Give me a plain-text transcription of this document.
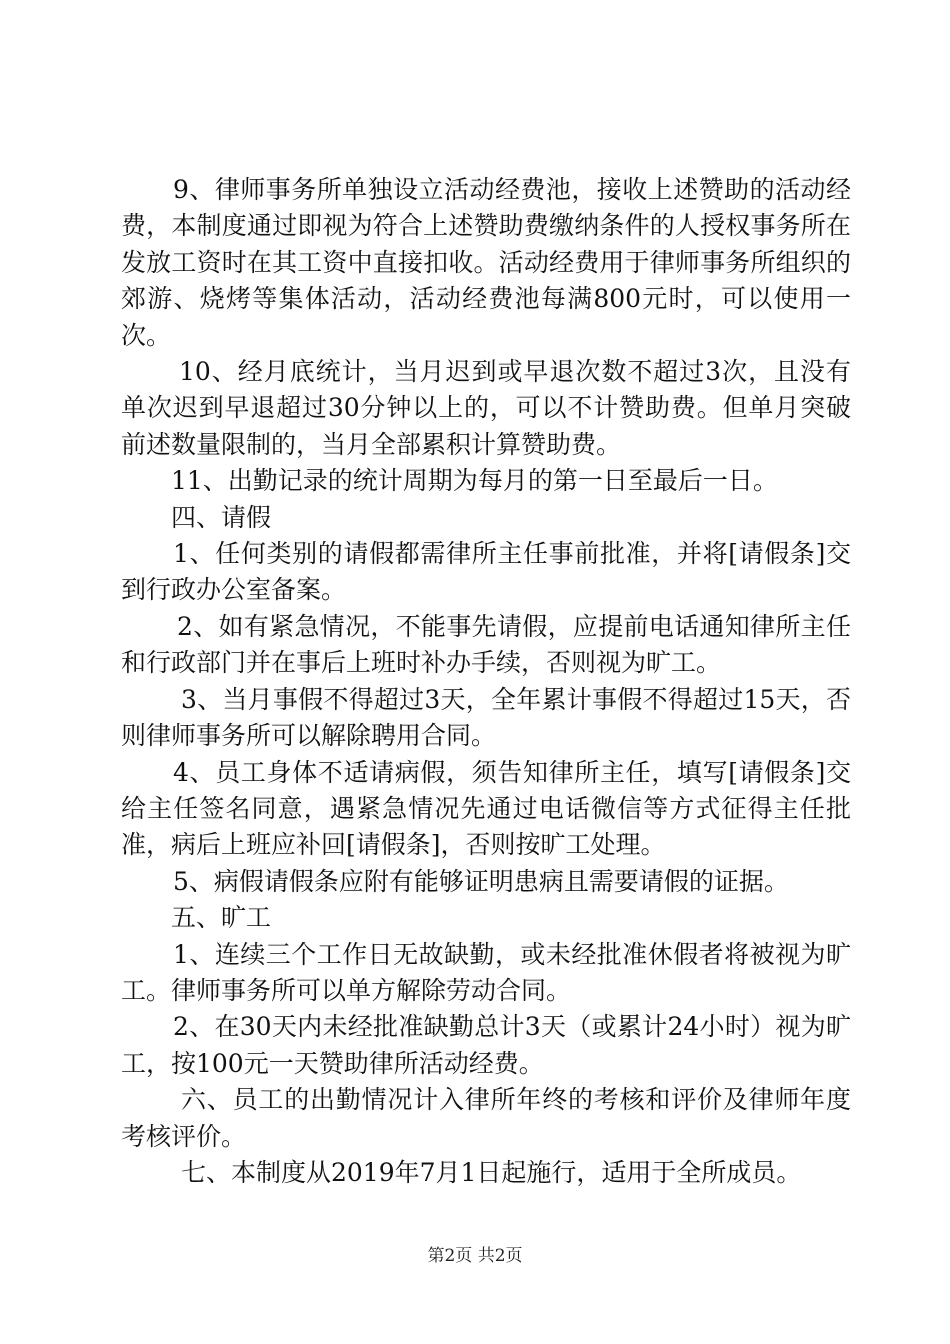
9、律师事务所单独设立活动经费池，接收上述赞助的活动经费，本制度通过即视为符合上述赞助费缴纳条件的人授权事务所在发放工资时在其工资中直接扣收。活动经费用于律师事务所组织的郊游、烧烤等集体活动，活动经费池每满800元时，可以使用一次。

10、经月底统计，当月迟到或早退次数不超过3次，且没有单次迟到早退超过30分钟以上的，可以不计赞助费。但单月突破前述数量限制的，当月全部累积计算赞助费。

11、出勤记录的统计周期为每月的第一日至最后一日。

四、请假

1、任何类别的请假都需律所主任事前批准，并将[请假条]交到行政办公室备案。

2、如有紧急情况，不能事先请假，应提前电话通知律所主任和行政部门并在事后上班时补办手续，否则视为旷工。

3、当月事假不得超过3天，全年累计事假不得超过15天，否则律师事务所可以解除聘用合同。

4、员工身体不适请病假，须告知律所主任，填写[请假条]交给主任签名同意，遇紧急情况先通过电话微信等方式征得主任批准，病后上班应补回[请假条]，否则按旷工处理。

5、病假请假条应附有能够证明患病且需要请假的证据。

五、旷工

1、连续三个工作日无故缺勤，或未经批准休假者将被视为旷工。律师事务所可以单方解除劳动合同。

2、在30天内未经批准缺勤总计3天（或累计24小时）视为旷工，按100元一天赞助律所活动经费。

六、员工的出勤情况计入律所年终的考核和评价及律师年度考核评价。

七、本制度从2019年7月1日起施行，适用于全所成员。

第2页 共2页
